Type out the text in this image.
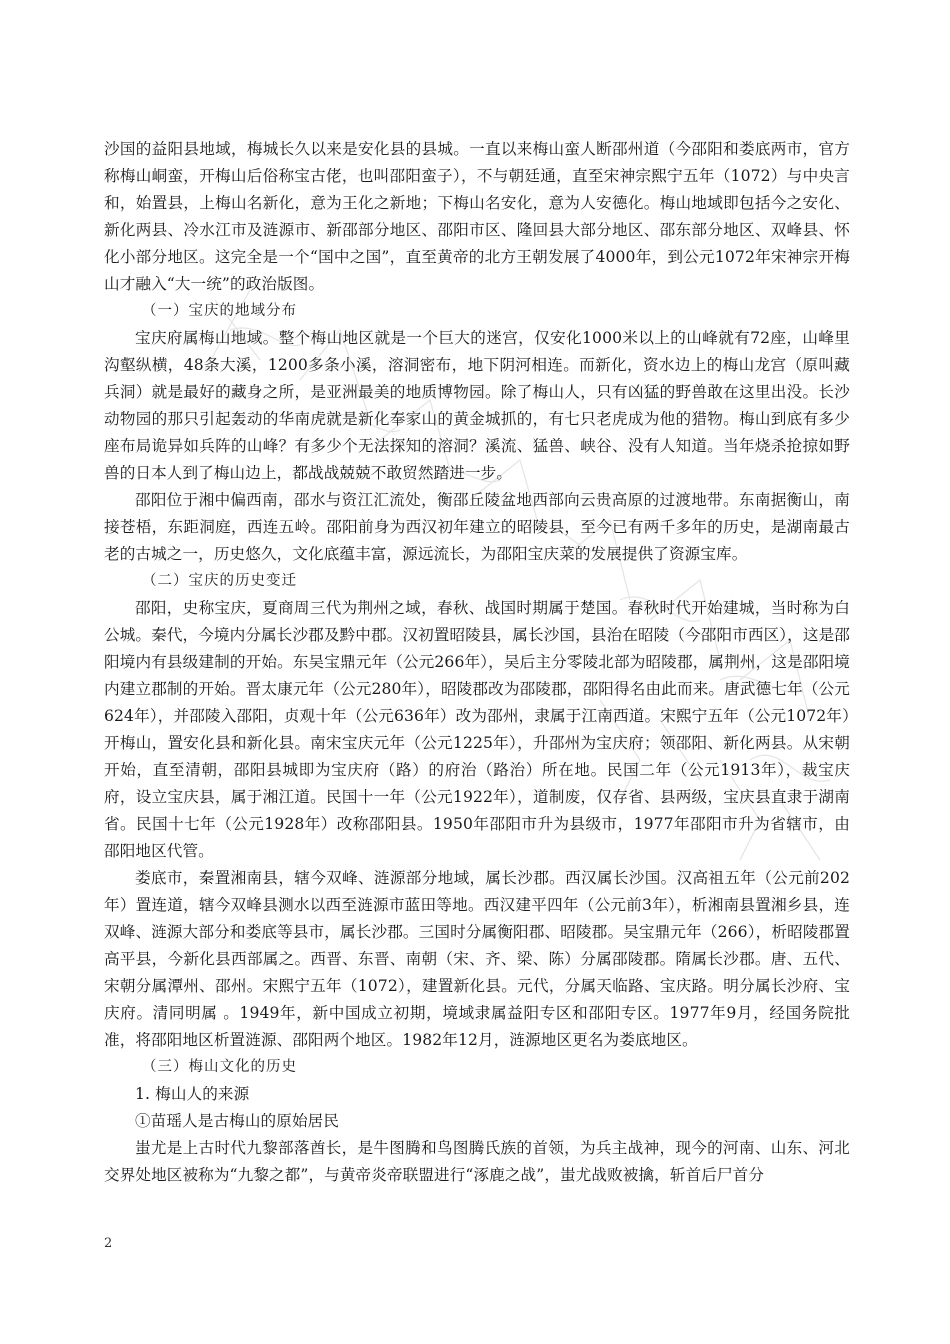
沙国的益阳县地域，梅城长久以来是安化县的县城。一直以来梅山蛮人断邵州道（今邵阳和娄底两市，官方称梅山峒蛮，开梅山后俗称宝古佬，也叫邵阳蛮子），不与朝廷通，直至宋神宗熙宁五年（1072）与中央言和，始置县，上梅山名新化，意为王化之新地；下梅山名安化，意为人安德化。梅山地域即包括今之安化、新化两县、冷水江市及涟源市、新邵部分地区、邵阳市区、隆回县大部分地区、邵东部分地区、双峰县、怀化小部分地区。这完全是一个“国中之国”，直至黄帝的北方王朝发展了4000年，到公元1072年宋神宗开梅山才融入“大一统”的政治版图。

（一）宝庆的地域分布

宝庆府属梅山地域。整个梅山地区就是一个巨大的迷宫，仅安化1000米以上的山峰就有72座，山峰里沟壑纵横，48条大溪，1200多条小溪，溶洞密布，地下阴河相连。而新化，资水边上的梅山龙宫（原叫藏兵洞）就是最好的藏身之所，是亚洲最美的地质博物园。除了梅山人，只有凶猛的野兽敢在这里出没。长沙动物园的那只引起轰动的华南虎就是新化奉家山的黄金城抓的，有七只老虎成为他的猎物。梅山到底有多少座布局诡异如兵阵的山峰？有多少个无法探知的溶洞？溪流、猛兽、峡谷、没有人知道。当年烧杀抢掠如野兽的日本人到了梅山边上，都战战兢兢不敢贸然踏进一步。

邵阳位于湘中偏西南，邵水与资江汇流处，衡邵丘陵盆地西部向云贵高原的过渡地带。东南据衡山，南接苍梧，东距洞庭，西连五岭。邵阳前身为西汉初年建立的昭陵县，至今已有两千多年的历史，是湖南最古老的古城之一，历史悠久，文化底蕴丰富，源远流长，为邵阳宝庆菜的发展提供了资源宝库。

（二）宝庆的历史变迁

邵阳，史称宝庆，夏商周三代为荆州之域，春秋、战国时期属于楚国。春秋时代开始建城，当时称为白公城。秦代，今境内分属长沙郡及黔中郡。汉初置昭陵县，属长沙国，县治在昭陵（今邵阳市西区），这是邵阳境内有县级建制的开始。东吴宝鼎元年（公元266年），吴后主分零陵北部为昭陵郡，属荆州，这是邵阳境内建立郡制的开始。晋太康元年（公元280年），昭陵郡改为邵陵郡，邵阳得名由此而来。唐武德七年（公元624年），并邵陵入邵阳，贞观十年（公元636年）改为邵州，隶属于江南西道。宋熙宁五年（公元1072年）开梅山，置安化县和新化县。南宋宝庆元年（公元1225年），升邵州为宝庆府；领邵阳、新化两县。从宋朝开始，直至清朝，邵阳县城即为宝庆府（路）的府治（路治）所在地。民国二年（公元1913年），裁宝庆府，设立宝庆县，属于湘江道。民国十一年（公元1922年），道制废，仅存省、县两级，宝庆县直隶于湖南省。民国十七年（公元1928年）改称邵阳县。1950年邵阳市升为县级市，1977年邵阳市升为省辖市，由邵阳地区代管。

娄底市，秦置湘南县，辖今双峰、涟源部分地域，属长沙郡。西汉属长沙国。汉高祖五年（公元前202年）置连道，辖今双峰县测水以西至涟源市蓝田等地。西汉建平四年（公元前3年），析湘南县置湘乡县，连双峰、涟源大部分和娄底等县市，属长沙郡。三国时分属衡阳郡、昭陵郡。吴宝鼎元年（266），析昭陵郡置高平县，今新化县西部属之。西晋、东晋、南朝（宋、齐、梁、陈）分属邵陵郡。隋属长沙郡。唐、五代、宋朝分属潭州、邵州。宋熙宁五年（1072），建置新化县。元代，分属天临路、宝庆路。明分属长沙府、宝庆府。清同明属 。1949年，新中国成立初期，境域隶属益阳专区和邵阳专区。1977年9月，经国务院批准，将邵阳地区析置涟源、邵阳两个地区。1982年12月，涟源地区更名为娄底地区。

（三）梅山文化的历史

1. 梅山人的来源

①苗瑶人是古梅山的原始居民

蚩尤是上古时代九黎部落酋长，是牛图腾和鸟图腾氏族的首领，为兵主战神，现今的河南、山东、河北交界处地区被称为“九黎之都”，与黄帝炎帝联盟进行“涿鹿之战”，蚩尤战败被擒，斩首后尸首分

2
